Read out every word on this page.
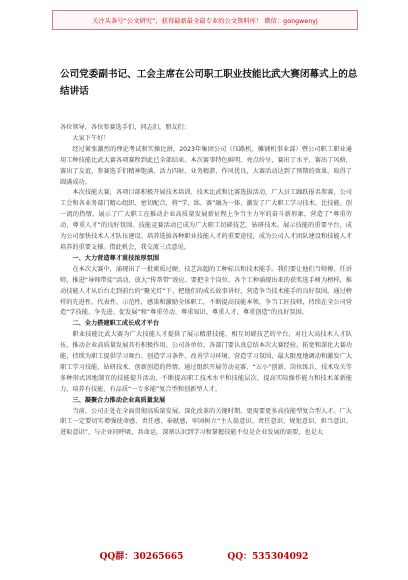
关注头条号“公文研究”，获得最新最全最专业的公文资料库！ 微信：gongwenyj
公司党委副书记、工会主席在公司职工职业技能比武大赛闭幕式上的总结讲话

各位领导，各位参赛选手们，同志们，朋友们：

大家下午好！

经过紧张激烈的理论考试和实操比拼，2023年集团公司（压路机、摊铺机事业部）暨公司职工职业通用工种技能比武大赛各项赛程到此已全部结束。本次赛事特色鲜明、亮点纷呈，赛出了水平、赛出了风格，赛出了友谊，参赛选手们精神饱满、活力四射、业务精湛、作风优良，大赛活动达到了预期的效果，取得了圆满成功。

本次技能大赛，各项目部积极开展技术培训、技术比武和比赛选拔活动，广大员工踊跃报名参赛，公司工会和各业务部门精心组织、密切配合，将“学、练、赛”融为一体，激发了广大职工学习技术、比技能、创一流的热情，展示了广大职工在推动企业高质量发展新征程上争当主力军的奋斗新形象，营造了“尊重劳动、尊重人才”的良好氛围。技能竞赛活动已成为广大职工切磋技艺、钻研技术、展示技能的重要平台，成为公司加快技术人才队伍建设、培养选拔各种职业技能人才的重要途径，成为公司人才团队建设和技能人才培养的重要支撑。借此机会，我交流三点意见。

一、大力营造尊才重技浓厚氛围

在本次大赛中，涌现出了一批素质过硬、技艺高超的工种标兵和技术能手。我们要让他们当师傅、任讲师，推进“导师带徒”活动，放大“传帮带”效应。要把全个岗位、各个工种涌现出来的获奖选手树为榜样，推动技能人才从后台走到前台的“聚光灯”下，把他们的成长故事讲好，营造争当技术能手的良好氛围。通过榜样的先进性、代表性、示范性，感染和激励全体职工，不断提高技能本领，争当工匠技师，持续在全公司营造“学技能、争先进、促发展”和“尊重劳动、尊重知识、尊重人才、尊重创造”的良好氛围。

二、全力搭建职工成长成才平台

职业技能比武大赛为广大技能人才提供了展示精湛技能、相互切磋技艺的平台，对壮大高技术人才队伍、推动企业高质量发展具有积极作用。公司各单位、各部门要认真总结本次大赛经验，拓宽和深化大赛功能，持续为职工提供学习舞台、创造学习条件、改善学习环境、营造学习氛围，最大限度地调动和激发广大职工学习技能、钻研技术、创新创造的热情。通过组织开展劳动竞赛、“五小”创新、岗位练兵、技术攻关等多种形式因地制宜的技能提升活动，不断提高职工技术水平和技能层次，提高实际操作能力和技术革新能力，培养有技能、有品质“一专多能”复合型和创新型人才。

三、凝聚合力推动企业高质量发展

当前，公司正处在全面贯彻高质量发展、深化改革的关键时期，更需要更多高技能型复合型人才。广大职工一定要切实增强使命感、责任感、奉献感，牢固树立“主人翁意识、责任意识、规矩意识、担当意识、进取意识”，与企业同呼吸、共命运，深刻认识到学习和掌握技能不仅是企业发展的需要，也是大

QQ群：30265665	QQ：535304092
